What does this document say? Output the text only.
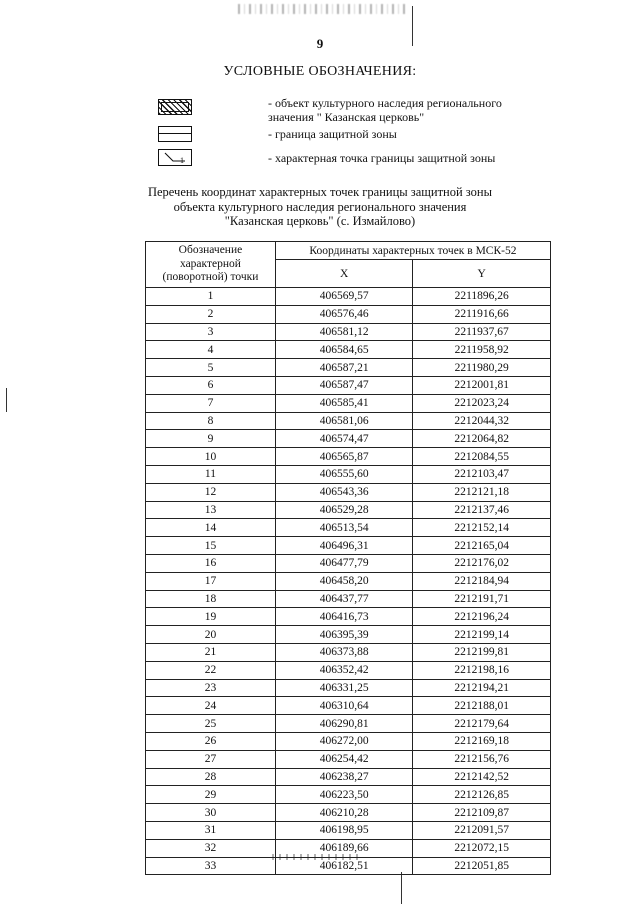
9
УСЛОВНЫЕ ОБОЗНАЧЕНИЯ:
- объект культурного наследия регионального
значения " Казанская церковь"
- граница защитной зоны
1	- характерная точка границы защитной зоны
Перечень координат характерных точек границы защитной зоны
объекта культурного наследия регионального значения
"Казанская церковь" (с. Измайлово)
Обозначение
характерной
(поворотной) точки	Координаты характерных точек в МСК-52	
	X	Y
1	406569,57	2211896,26
2	406576,46	2211916,66
3	406581,12	2211937,67
4	406584,65	2211958,92
5	406587,21	2211980,29
6	406587,47	2212001,81
7	406585,41	2212023,24
8	406581,06	2212044,32
9	406574,47	2212064,82
10	406565,87	2212084,55
11	406555,60	2212103,47
12	406543,36	2212121,18
13	406529,28	2212137,46
14	406513,54	2212152,14
15	406496,31	2212165,04
16	406477,79	2212176,02
17	406458,20	2212184,94
18	406437,77	2212191,71
19	406416,73	2212196,24
20	406395,39	2212199,14
21	406373,88	2212199,81
22	406352,42	2212198,16
23	406331,25	2212194,21
24	406310,64	2212188,01
25	406290,81	2212179,64
26	406272,00	2212169,18
27	406254,42	2212156,76
28	406238,27	2212142,52
29	406223,50	2212126,85
30	406210,28	2212109,87
31	406198,95	2212091,57
32	406189,66	2212072,15
33	406182,51	2212051,85
